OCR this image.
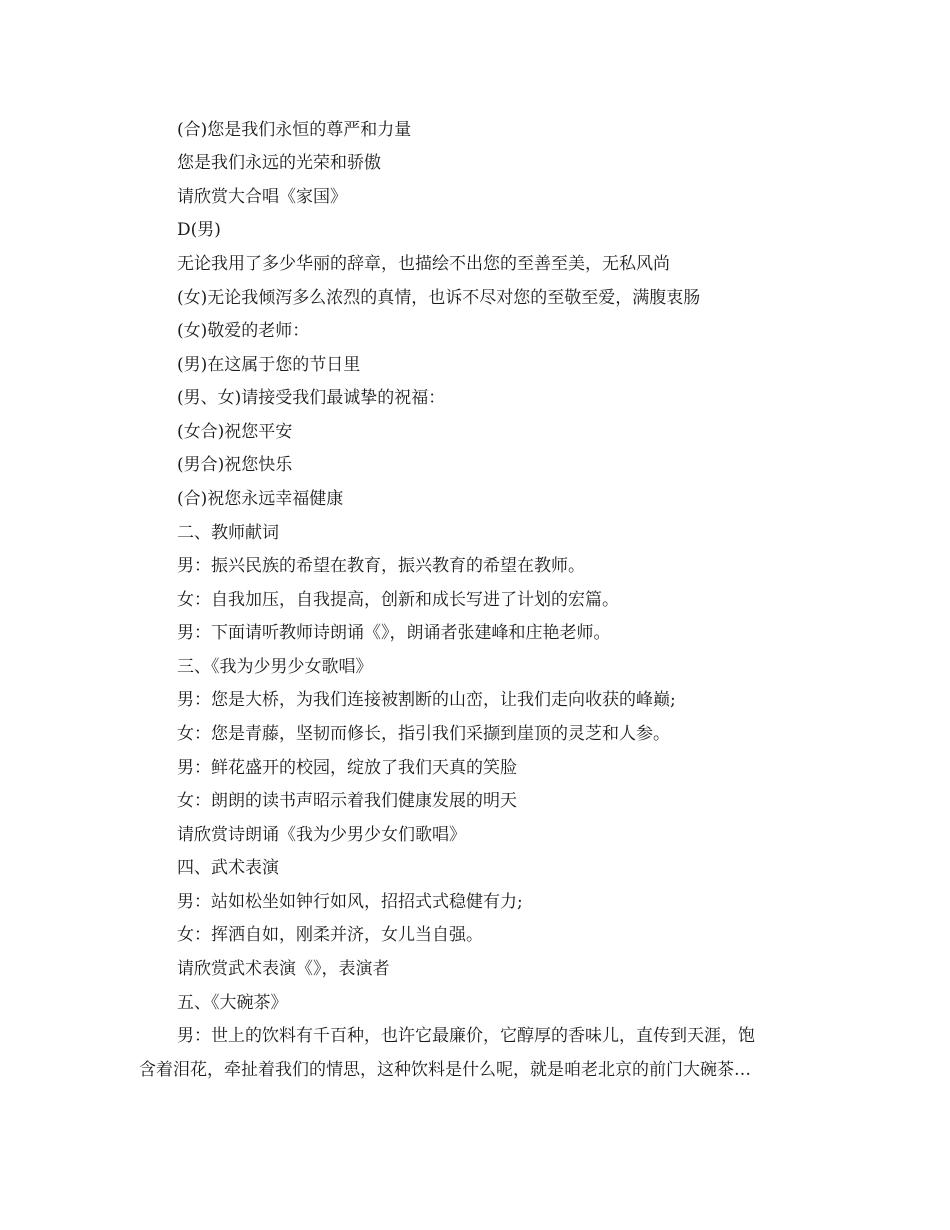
(合)您是我们永恒的尊严和力量
您是我们永远的光荣和骄傲
请欣赏大合唱《家国》
D(男)
无论我用了多少华丽的辞章，也描绘不出您的至善至美，无私风尚
(女)无论我倾泻多么浓烈的真情，也诉不尽对您的至敬至爱，满腹衷肠
(女)敬爱的老师：
(男)在这属于您的节日里
(男、女)请接受我们最诚挚的祝福：
(女合)祝您平安
(男合)祝您快乐
(合)祝您永远幸福健康
二、教师献词
男：振兴民族的希望在教育，振兴教育的希望在教师。
女：自我加压，自我提高，创新和成长写进了计划的宏篇。
男：下面请听教师诗朗诵《》，朗诵者张建峰和庄艳老师。
三、《我为少男少女歌唱》
男：您是大桥，为我们连接被割断的山峦，让我们走向收获的峰巅;
女：您是青藤，坚韧而修长，指引我们采撷到崖顶的灵芝和人参。
男：鲜花盛开的校园，绽放了我们天真的笑脸
女：朗朗的读书声昭示着我们健康发展的明天
请欣赏诗朗诵《我为少男少女们歌唱》
四、武术表演
男：站如松坐如钟行如风，招招式式稳健有力;
女：挥洒自如，刚柔并济，女儿当自强。
请欣赏武术表演《》，表演者
五、《大碗茶》
男：世上的饮料有千百种，也许它最廉价，它醇厚的香味儿，直传到天涯，饱
含着泪花，牵扯着我们的情思，这种饮料是什么呢，就是咱老北京的前门大碗茶…
